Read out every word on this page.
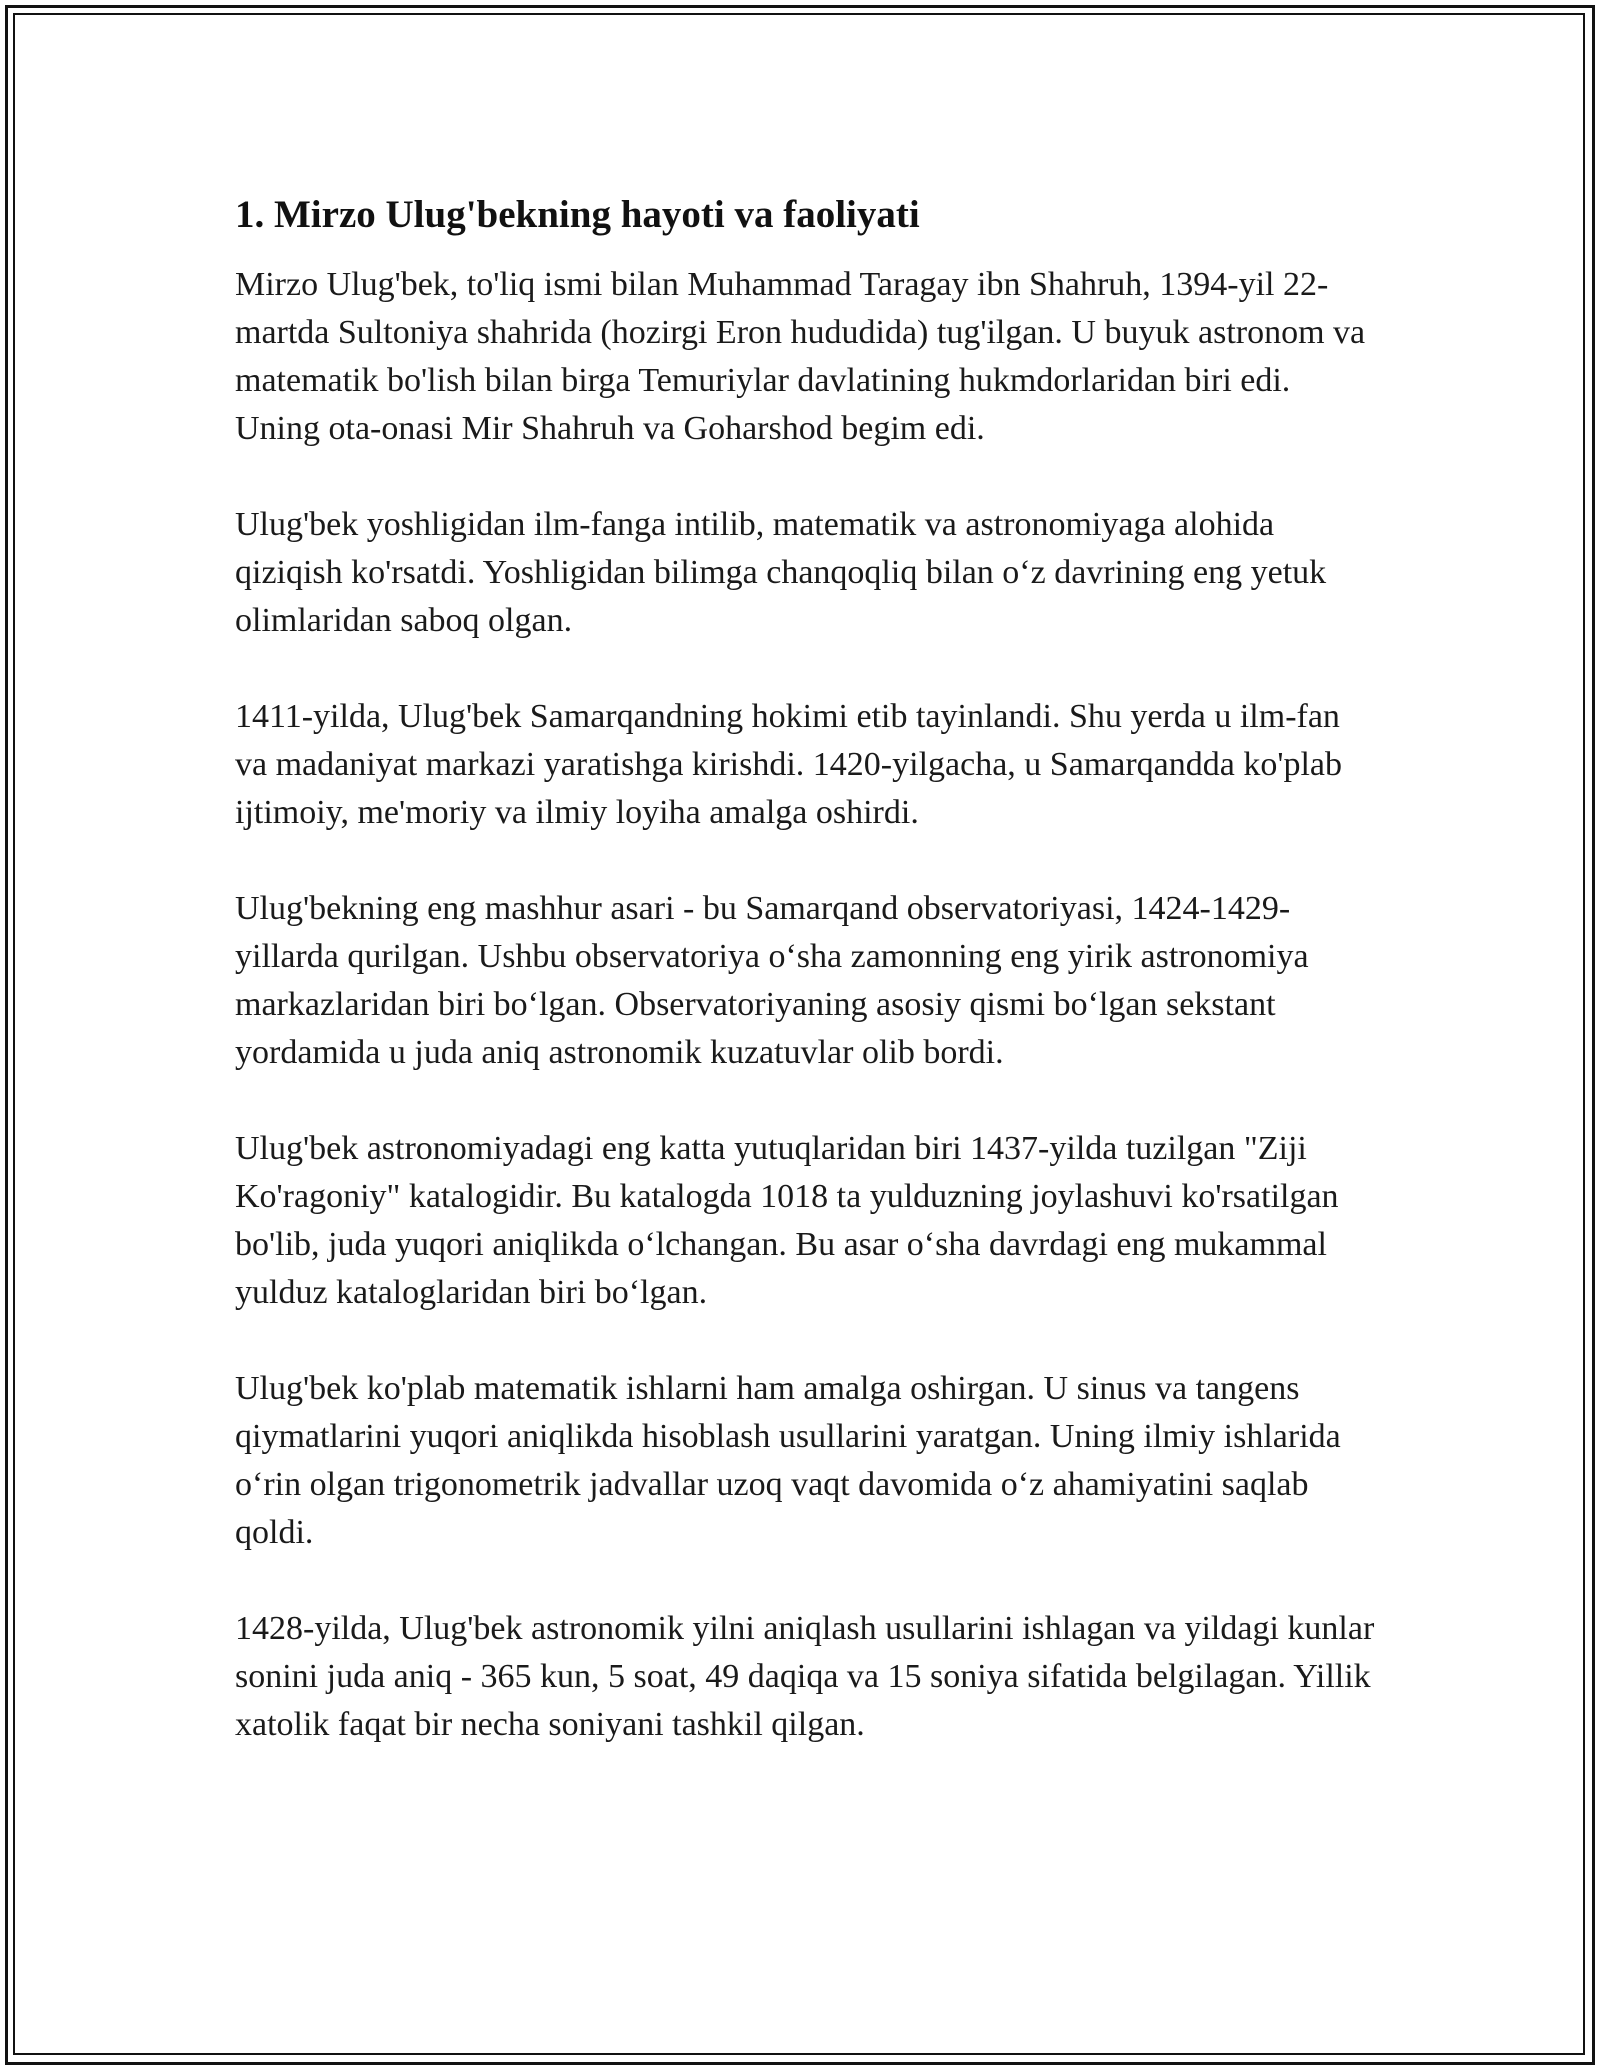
1. Mirzo Ulug'bekning hayoti va faoliyati

Mirzo Ulug'bek, to'liq ismi bilan Muhammad Taragay ibn Shahruh, 1394-yil 22-martda Sultoniya shahrida (hozirgi Eron hududida) tug'ilgan. U buyuk astronom va matematik bo'lish bilan birga Temuriylar davlatining hukmdorlaridan biri edi. Uning ota-onasi Mir Shahruh va Goharshod begim edi.

Ulug'bek yoshligidan ilm-fanga intilib, matematik va astronomiyaga alohida qiziqish ko'rsatdi. Yoshligidan bilimga chanqoqliq bilan o‘z davrining eng yetuk olimlaridan saboq olgan.

1411-yilda, Ulug'bek Samarqandning hokimi etib tayinlandi. Shu yerda u ilm-fan va madaniyat markazi yaratishga kirishdi. 1420-yilgacha, u Samarqandda ko'plab ijtimoiy, me'moriy va ilmiy loyiha amalga oshirdi.

Ulug'bekning eng mashhur asari - bu Samarqand observatoriyasi, 1424-1429-yillarda qurilgan. Ushbu observatoriya o‘sha zamonning eng yirik astronomiya markazlaridan biri bo‘lgan. Observatoriyaning asosiy qismi bo‘lgan sekstant yordamida u juda aniq astronomik kuzatuvlar olib bordi.

Ulug'bek astronomiyadagi eng katta yutuqlaridan biri 1437-yilda tuzilgan "Ziji Ko'ragoniy" katalogidir. Bu katalogda 1018 ta yulduzning joylashuvi ko'rsatilgan bo'lib, juda yuqori aniqlikda o‘lchangan. Bu asar o‘sha davrdagi eng mukammal yulduz kataloglaridan biri bo‘lgan.

Ulug'bek ko'plab matematik ishlarni ham amalga oshirgan. U sinus va tangens qiymatlarini yuqori aniqlikda hisoblash usullarini yaratgan. Uning ilmiy ishlarida o‘rin olgan trigonometrik jadvallar uzoq vaqt davomida o‘z ahamiyatini saqlab qoldi.

1428-yilda, Ulug'bek astronomik yilni aniqlash usullarini ishlagan va yildagi kunlar sonini juda aniq - 365 kun, 5 soat, 49 daqiqa va 15 soniya sifatida belgilagan. Yillik xatolik faqat bir necha soniyani tashkil qilgan.
